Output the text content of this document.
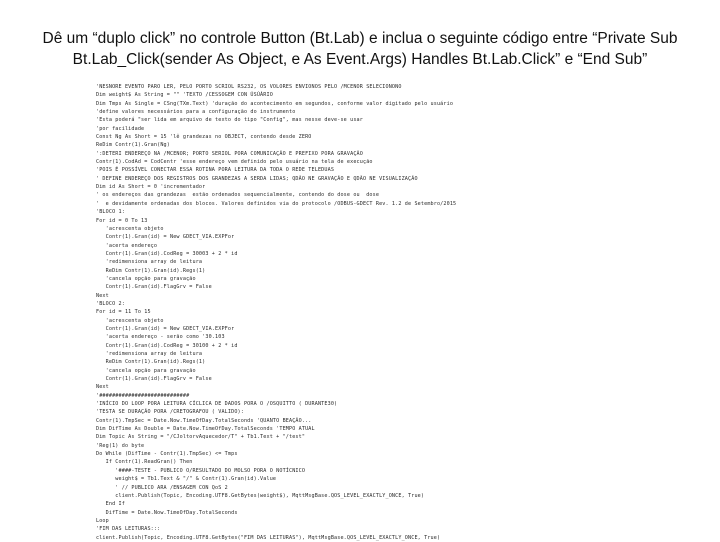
Dê um “duplo click” no controle Button (Bt.Lab) e inclua o seguinte código entre “Private Sub
Bt.Lab_Click(sender As Object, e As Event.Args) Handles Bt.Lab.Click” e “End Sub”
'NESNORE EVENTO PARO LER, PELO PORTO SCRIOL RS232, OS VOLORES ENVIONOS PELO /MCENOR SELECIONONO
Dim weight$ As String = "" 'TEXTO /CESSOGEM CON ÚSÚÁRIO
Dim Tmps As Single = CSng(TXm.Text) 'duração do acontecimento em segundos, conforme valor digitado pelo usuário
'define valores necessários para a configuração do instrumento
'Esta poderá "ser lida em arquivo de texto do tipo "Config", mas nesse deve-se usar
'por facilidade
Const Ng As Short = 15 'lê grandezas no OBJECT, contendo desde ZERO
ReDim Contr(1).Gran(Ng)
':DETERI ENDEREÇO NA /MCENOR; PORTO SERIOL PORA COMUNICAÇÃO E PREFIXO PORA GRAVAÇÃO
Contr(1).CodAd = CodCentr 'esse endereço vem definido pelo usuário na tela de execução
'POIS É POSSÍVEL CONECTAR ESSA ROTINA PORA LEITURA DA TODA O REDE TELEDUAS
' DEFINE ENDEREÇO DOS REGISTROS DOS GRANDEZAS A SERDA LIDAS; QDÃO NE GRAVAÇÃO E QDÃO NE VISUALIZAÇÃO
Dim id As Short = 0 'incrementador
' os endereços das grandezas  estão ordenados sequencialmente, contendo do dose ou  dose
'  e devidamente ordenadas dos blocos. Valores definidos via do protocolo /ODBUS-GDECT Rev. 1.2 de Setembro/2015
'BLOCO 1:
For id = 0 To 13
'acrescenta objeto
Contr(1).Gran(id) = New GDECT_VIA.EXPFor
'acerta endereço
Contr(1).Gran(id).CodReg = 30003 + 2 * id
'redimensiona array de leitura
ReDim Contr(1).Gran(id).Regs(1)
'cancela opção para gravação
Contr(1).Gran(id).FlagGrv = False
Next
'BLOCO 2:
For id = 11 To 15
'acrescenta objeto
Contr(1).Gran(id) = New GDECT_VIA.EXPFor
'acerta endereço - serão como '30.103
Contr(1).Gran(id).CodReg = 30100 + 2 * id
'redimensiona array de leitura
ReDim Contr(1).Gran(id).Regs(1)
'cancela opção para gravação
Contr(1).Gran(id).FlagGrv = False
Next
'############################
'INÍCIO DO LOOP PORA LEITURA CÍCLICA DE DADOS PORA O /OSQUITTO ( DURANTE30)
'TESTA SE DURAÇÃO PORA /CRETOGRAFOU ( VALIDO):
Contr(1).TmpSec = Date.Now.TimeOfDay.TotalSeconds 'QUANTO BEAÇÃO...
Dim DifTime As Double = Date.Now.TimeOfDay.TotalSeconds 'TEMPO ATUAL
Dim Topic As String = "/CJoltorvAquecedor/T" + Tb1.Text + "/test"
'Reg(1) do byte
Do While (DifTime - Contr(1).TmpSec) <= Tmps
If Contr(1).ReadGran() Then
'####-TESTE - PUBLICO O/RESULTADO DO MOLSO PORA O NOTÍCNICO
weight$ = Tb1.Text & "/" & Contr(1).Gran(id).Value
' // PUBLICO ARA /ENSAGEM CON QoS 2
client.Publish(Topic, Encoding.UTF8.GetBytes(weight$), MqttMsgBase.QOS_LEVEL_EXACTLY_ONCE, True)
End If
DifTime = Date.Now.TimeOfDay.TotalSeconds
Loop
'FIM DAS LEITURAS:::
client.Publish(Topic, Encoding.UTF8.GetBytes("FIM DAS LEITURAS"), MqttMsgBase.QOS_LEVEL_EXACTLY_ONCE, True)
